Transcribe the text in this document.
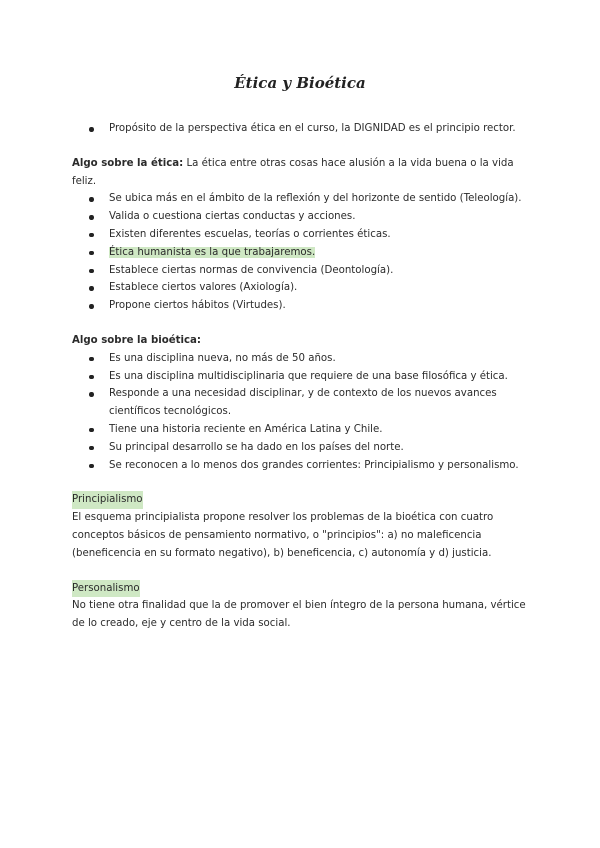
Ética y Bioética
Propósito de la perspectiva ética en el curso, la DIGNIDAD es el principio rector.

Algo sobre la ética: La ética entre otras cosas hace alusión a la vida buena o la vida feliz.

Se ubica más en el ámbito de la reflexión y del horizonte de sentido (Teleología).
Valida o cuestiona ciertas conductas y acciones.
Existen diferentes escuelas, teorías o corrientes éticas.
Ética humanista es la que trabajaremos.
Establece ciertas normas de convivencia (Deontología).
Establece ciertos valores (Axiología).
Propone ciertos hábitos (Virtudes).

Algo sobre la bioética:

Es una disciplina nueva, no más de 50 años.
Es una disciplina multidisciplinaria que requiere de una base filosófica y ética.
Responde a una necesidad disciplinar, y de contexto de los nuevos avances científicos tecnológicos.
Tiene una historia reciente en América Latina y Chile.
Su principal desarrollo se ha dado en los países del norte.
Se reconocen a lo menos dos grandes corrientes: Principialismo y personalismo.
Principialismo

El esquema principialista propone resolver los problemas de la bioética con cuatro conceptos básicos de pensamiento normativo, o "principios": a) no maleficencia (beneficencia en su formato negativo), b) beneficencia, c) autonomía y d) justicia.

Personalismo

No tiene otra finalidad que la de promover el bien íntegro de la persona humana, vértice de lo creado, eje y centro de la vida social.
